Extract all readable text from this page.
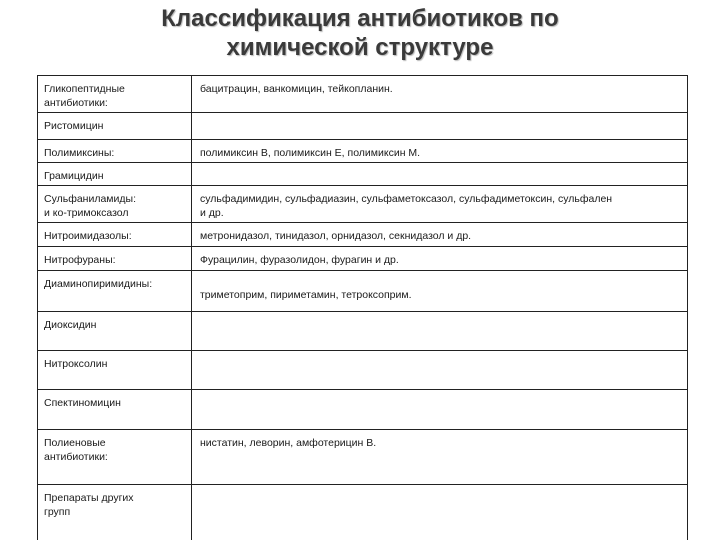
Классификация антибиотиков по
химической структуре
Гликопептидные
антибиотики:	бацитрацин, ванкомицин, тейкопланин.

Ристомицин	

Полимиксины:	полимиксин В, полимиксин Е, полимиксин М.

Грамицидин	

Сульфаниламиды:
и ко-тримоксазол	сульфадимидин, сульфадиазин, сульфаметоксазол, сульфадиметоксин, сульфален
и др.

Нитроимидазолы:	метронидазол, тинидазол, орнидазол, секнидазол и др.

Нитрофураны:	Фурацилин, фуразолидон, фурагин и др.

Диаминопиримидины:	триметоприм, пириметамин, тетроксоприм.

Диоксидин	

Нитроксолин	

Спектиномицин	

Полиеновые
антибиотики:	нистатин, леворин, амфотерицин В.

Препараты других
групп	
